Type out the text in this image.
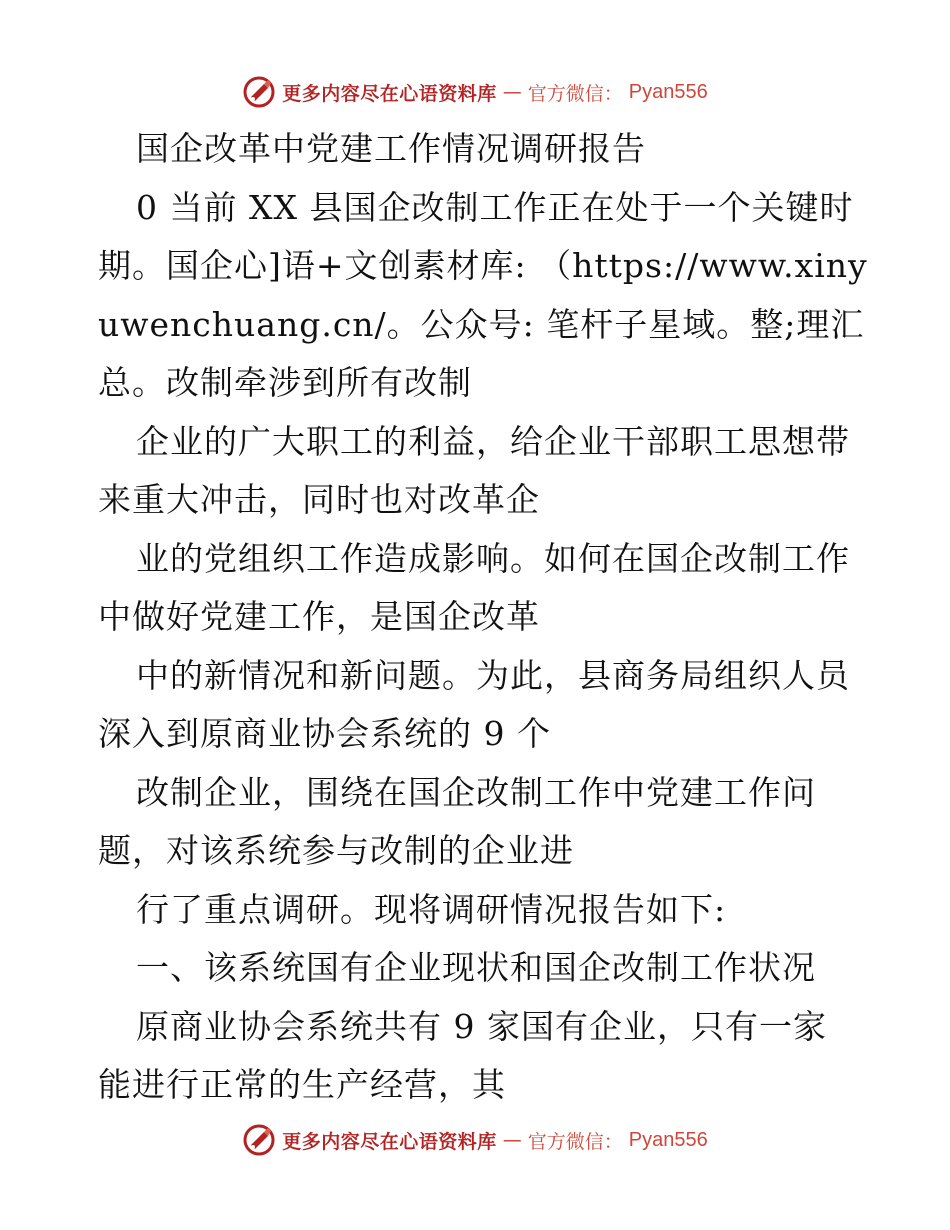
更多内容尽在心语资料库 — 官方微信： Pyan556
国企改革中党建工作情况调研报告
0 当前 XX 县国企改制工作正在处于一个关键时
期。国企心]语+文创素材库: （https://www.xiny
uwenchuang.cn/。公众号: 笔杆子星域。整;理汇
总。改制牵涉到所有改制
企业的广大职工的利益，给企业干部职工思想带
来重大冲击，同时也对改革企
业的党组织工作造成影响。如何在国企改制工作
中做好党建工作，是国企改革
中的新情况和新问题。为此，县商务局组织人员
深入到原商业协会系统的 9 个
改制企业，围绕在国企改制工作中党建工作问
题，对该系统参与改制的企业进
行了重点调研。现将调研情况报告如下:
一、该系统国有企业现状和国企改制工作状况
原商业协会系统共有 9 家国有企业，只有一家
能进行正常的生产经营，其
更多内容尽在心语资料库 — 官方微信： Pyan556
